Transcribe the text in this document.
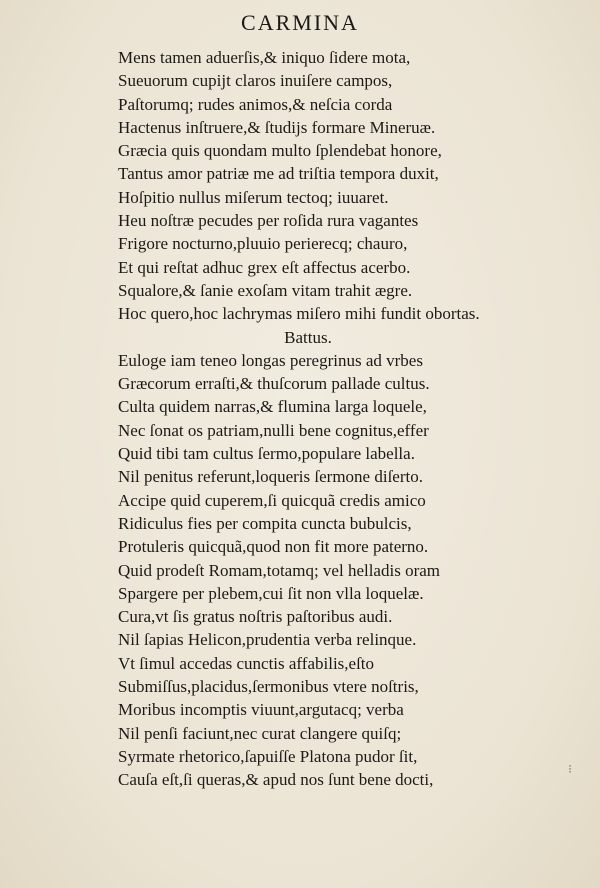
CARMINA
Mens tamen aduerſis,& iniquo ſidere mota,
Sueuorum cupijt claros inuiſere campos,
Paſtorumq; rudes animos,& neſcia corda
Hactenus inſtruere,& ſtudijs formare Mineruæ.
Græcia quis quondam multo ſplendebat honore,
Tantus amor patriæ me ad triſtia tempora duxit,
Hoſpitio nullus miſerum tectoq; iuuaret.
Heu noſtræ pecudes per roſida rura vagantes
Frigore nocturno,pluuio perierecq; chauro,
Et qui reſtat adhuc grex eſt affectus acerbo.
Squalore,& ſanie exoſam vitam trahit ægre.
Hoc quero,hoc lachrymas miſero mihi fundit obortas.
Battus.
Euloge iam teneo longas peregrinus ad vrbes
Græcorum erraſti,& thuſcorum pallade cultus.
Culta quidem narras,& flumina larga loquele,
Nec ſonat os patriam,nulli bene cognitus,effer
Quid tibi tam cultus ſermo,populare labella.
Nil penitus referunt,loqueris ſermone diſerto.
Accipe quid cuperem,ſi quicquã credis amico
Ridiculus fies per compita cuncta bubulcis,
Protuleris quicquã,quod non fit more paterno.
Quid prodeſt Romam,totamq; vel helladis oram
Spargere per plebem,cui ſit non vlla loquelæ.
Cura,vt ſis gratus noſtris paſtoribus audi.
Nil ſapias Helicon,prudentia verba relinque.
Vt ſimul accedas cunctis affabilis,eſto
Submiſſus,placidus,ſermonibus vtere noſtris,
Moribus incomptis viuunt,argutacq; verba
Nil penſi faciunt,nec curat clangere quiſq;
Syrmate rhetorico,ſapuiſſe Platona pudor ſit,
Cauſa eſt,ſi queras,& apud nos ſunt bene docti,
⁝
